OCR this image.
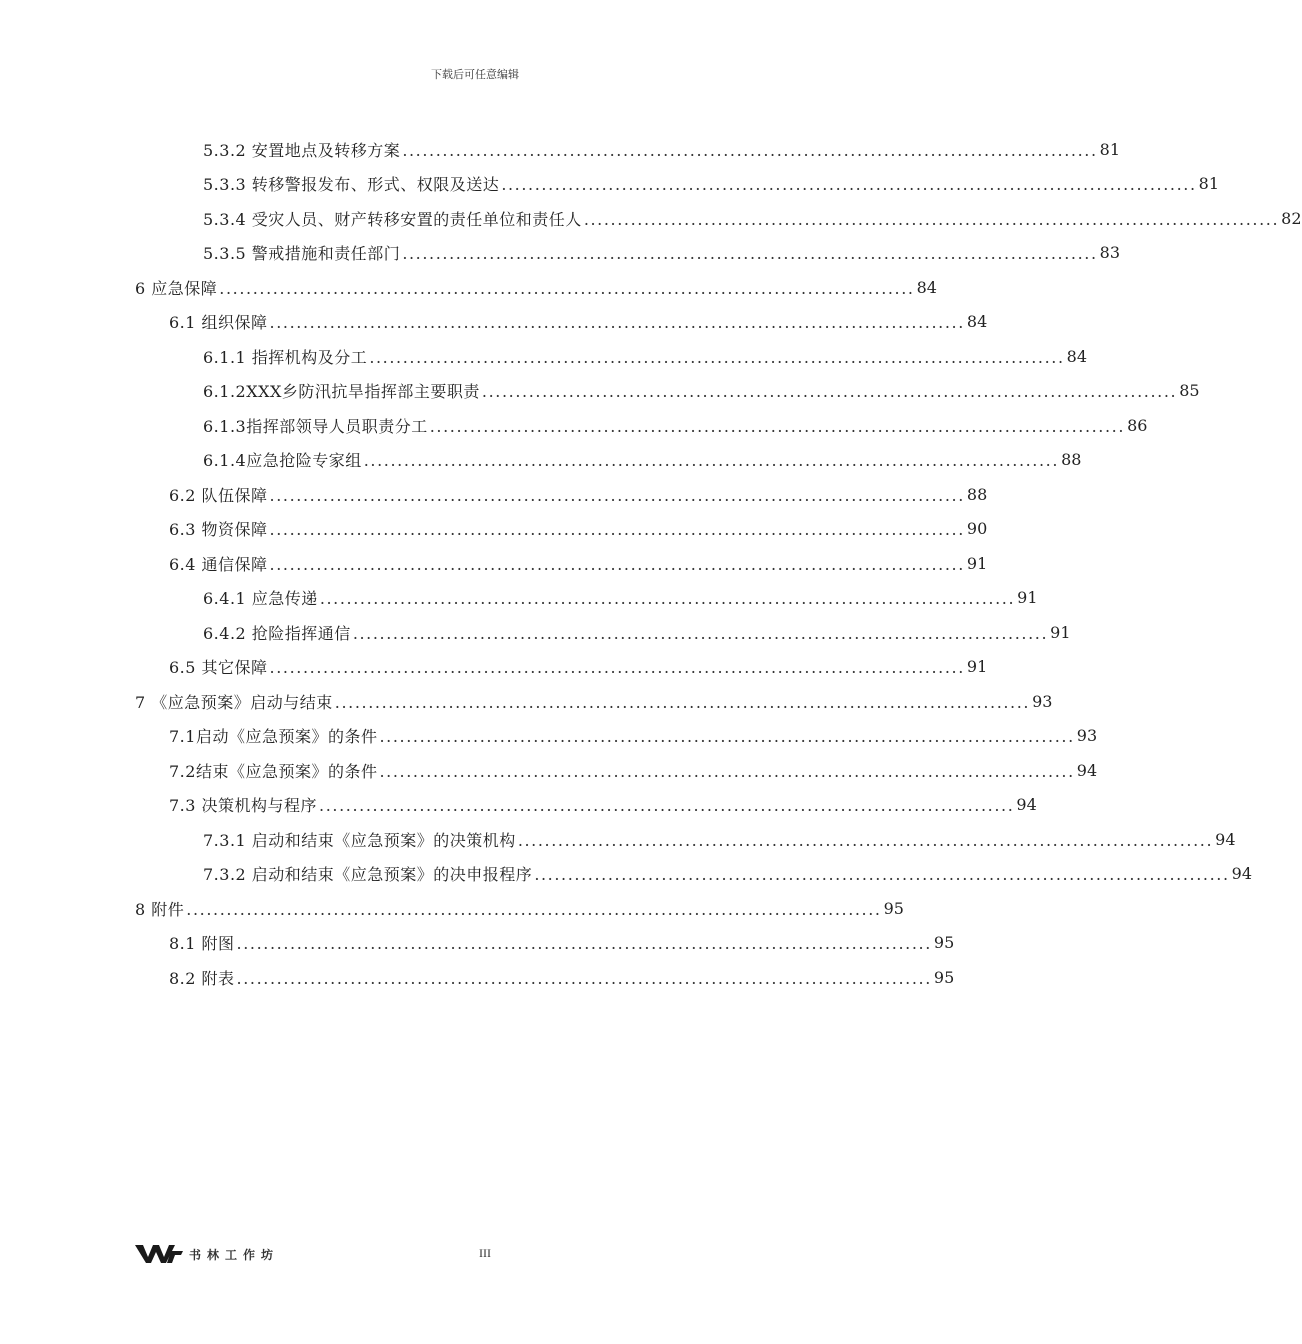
下载后可任意编辑
5.3.2 安置地点及转移方案 ........................................................................................................ 81
5.3.3 转移警报发布、形式、权限及送达 ........................................................................................................ 81
5.3.4 受灾人员、财产转移安置的责任单位和责任人 ........................................................................................................ 82
5.3.5 警戒措施和责任部门 ........................................................................................................ 83
6 应急保障 ........................................................................................................ 84
6.1 组织保障 ........................................................................................................ 84
6.1.1 指挥机构及分工 ........................................................................................................ 84
6.1.2XXX乡防汛抗旱指挥部主要职责 ........................................................................................................ 85
6.1.3指挥部领导人员职责分工 ........................................................................................................ 86
6.1.4应急抢险专家组 ........................................................................................................ 88
6.2 队伍保障 ........................................................................................................ 88
6.3 物资保障 ........................................................................................................ 90
6.4 通信保障 ........................................................................................................ 91
6.4.1 应急传递 ........................................................................................................ 91
6.4.2 抢险指挥通信 ........................................................................................................ 91
6.5 其它保障 ........................................................................................................ 91
7 《应急预案》启动与结束 ........................................................................................................ 93
7.1启动《应急预案》的条件 ........................................................................................................ 93
7.2结束《应急预案》的条件 ........................................................................................................ 94
7.3 决策机构与程序 ........................................................................................................ 94
7.3.1 启动和结束《应急预案》的决策机构 ........................................................................................................ 94
7.3.2 启动和结束《应急预案》的决申报程序 ........................................................................................................ 94
8 附件 ........................................................................................................ 95
8.1 附图 ........................................................................................................ 95
8.2 附表 ........................................................................................................ 95
书林工作坊	III
